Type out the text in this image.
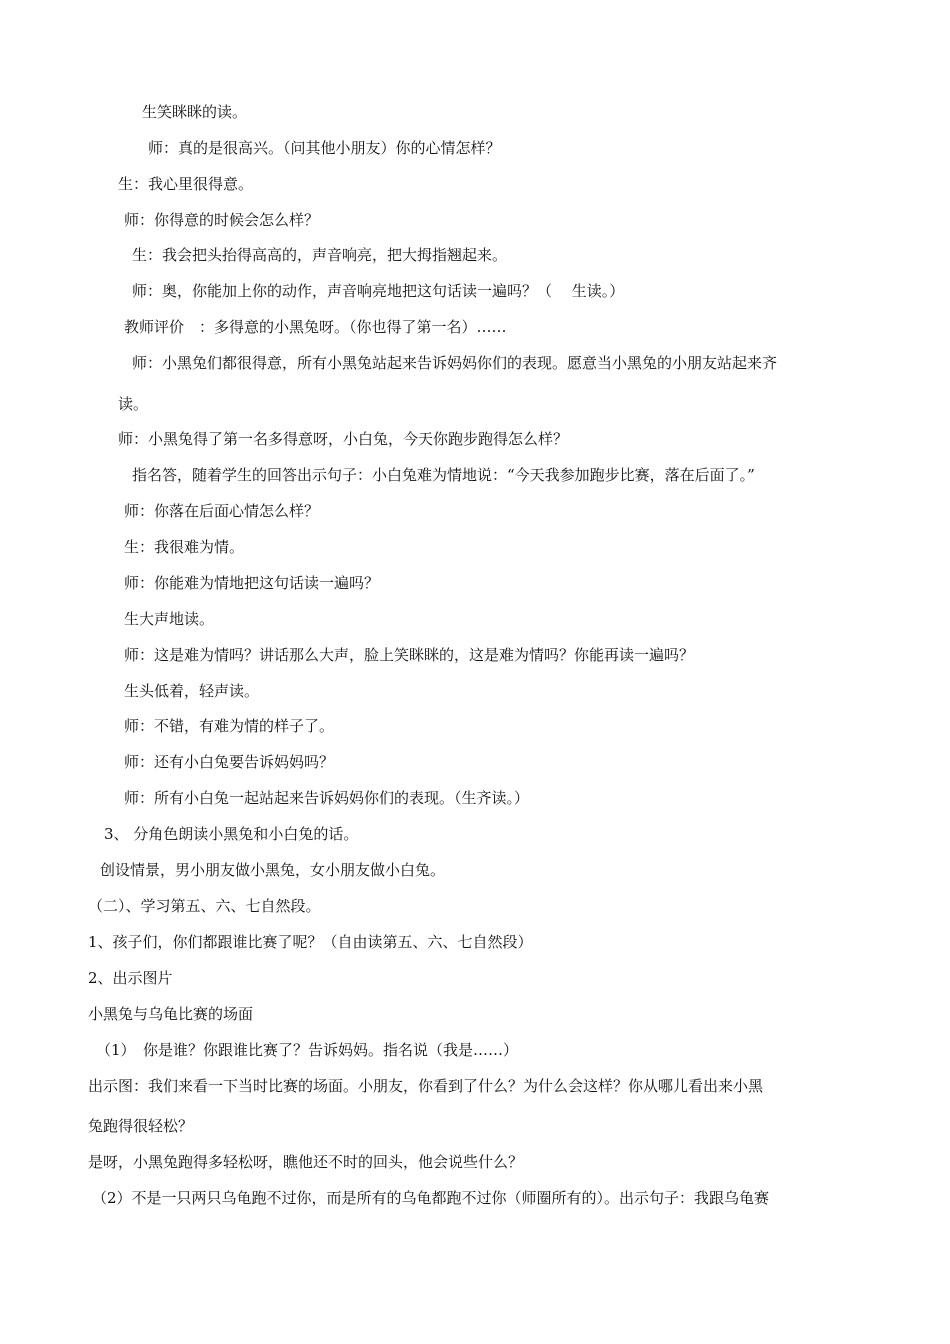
生笑眯眯的读。
师：真的是很高兴。（问其他小朋友）你的心情怎样？
生：我心里很得意。
师：你得意的时候会怎么样？
生：我会把头抬得高高的，声音响亮，把大拇指翘起来。
师：奥，你能加上你的动作，声音响亮地把这句话读一遍吗？（　 生读。）
教师评价　：多得意的小黑兔呀。（你也得了第一名）……
师：小黑兔们都很得意，所有小黑兔站起来告诉妈妈你们的表现。愿意当小黑兔的小朋友站起来齐
读。
师：小黑兔得了第一名多得意呀，小白兔，今天你跑步跑得怎么样？
指名答，随着学生的回答出示句子：小白兔难为情地说：“今天我参加跑步比赛，落在后面了。”
师：你落在后面心情怎么样？
生：我很难为情。
师：你能难为情地把这句话读一遍吗？
生大声地读。
师：这是难为情吗？讲话那么大声，脸上笑眯眯的，这是难为情吗？你能再读一遍吗？
生头低着，轻声读。
师：不错，有难为情的样子了。
师：还有小白兔要告诉妈妈吗？
师：所有小白兔一起站起来告诉妈妈你们的表现。（生齐读。）
3、 分角色朗读小黑兔和小白兔的话。
创设情景，男小朋友做小黑兔，女小朋友做小白兔。
（二）、学习第五、六、七自然段。
1、孩子们，你们都跟谁比赛了呢？（自由读第五、六、七自然段）
2、出示图片
小黑兔与乌龟比赛的场面
（1）　你是谁？你跟谁比赛了？告诉妈妈。指名说（我是……）
出示图：我们来看一下当时比赛的场面。小朋友，你看到了什么？为什么会这样？你从哪儿看出来小黑
兔跑得很轻松？
是呀，小黑兔跑得多轻松呀，瞧他还不时的回头，他会说些什么？
（2）不是一只两只乌龟跑不过你，而是所有的乌龟都跑不过你（师圈所有的）。出示句子：我跟乌龟赛
